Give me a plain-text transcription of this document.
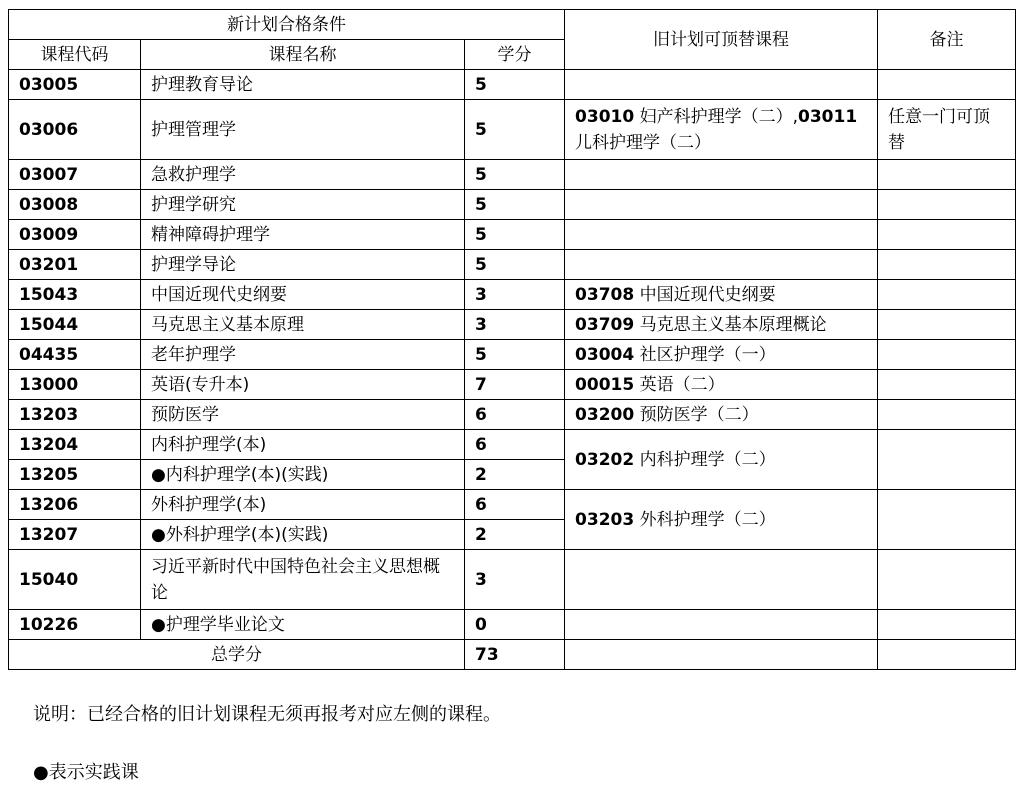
新计划合格条件			旧计划可顶替课程	备注
课程代码	课程名称	学分		
03005	护理教育导论	5		
03006	护理管理学	5	03010 妇产科护理学（二）,03011 儿科护理学（二）	任意一门可顶替
03007	急救护理学	5		
03008	护理学研究	5		
03009	精神障碍护理学	5		
03201	护理学导论	5		
15043	中国近现代史纲要	3	03708 中国近现代史纲要	
15044	马克思主义基本原理	3	03709 马克思主义基本原理概论	
04435	老年护理学	5	03004 社区护理学（一）	
13000	英语(专升本)	7	00015 英语（二）	
13203	预防医学	6	03200 预防医学（二）	
13204	内科护理学(本)	6	03202 内科护理学（二）	
13205	●内科护理学(本)(实践)	2		
13206	外科护理学(本)	6	03203 外科护理学（二）	
13207	●外科护理学(本)(实践)	2		
15040	习近平新时代中国特色社会主义思想概论	3		
10226	●护理学毕业论文	0		
总学分		73		
说明：已经合格的旧计划课程无须再报考对应左侧的课程。
●表示实践课
